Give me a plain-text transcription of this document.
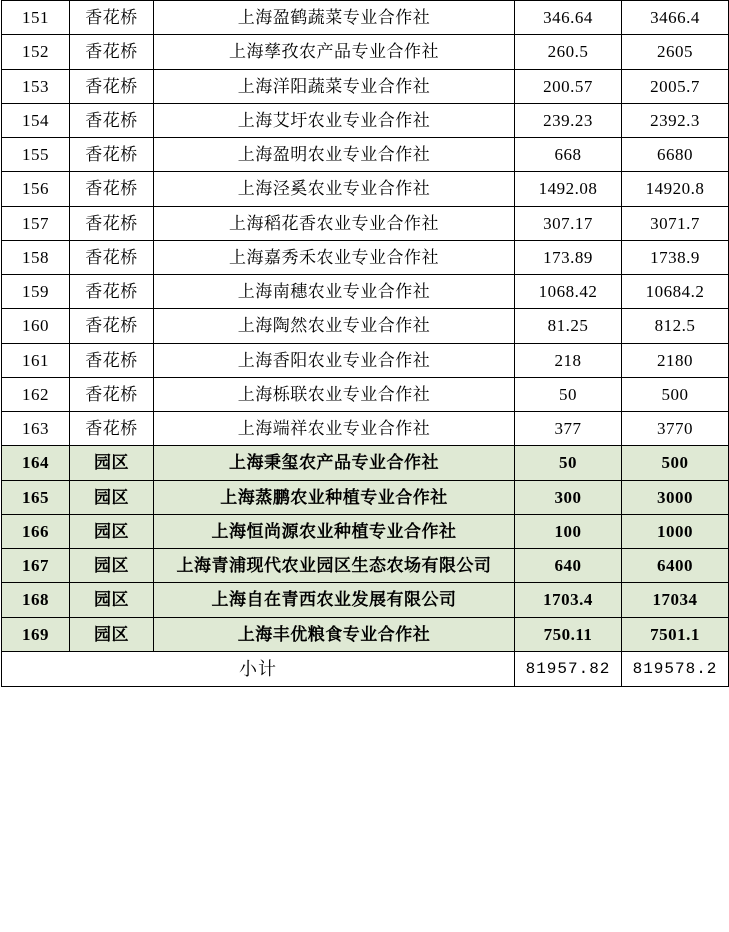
151	香花桥	上海盈鹤蔬菜专业合作社	346.64	3466.4
152	香花桥	上海孳孜农产品专业合作社	260.5	2605
153	香花桥	上海洋阳蔬菜专业合作社	200.57	2005.7
154	香花桥	上海艾圩农业专业合作社	239.23	2392.3
155	香花桥	上海盈明农业专业合作社	668	6680
156	香花桥	上海泾奚农业专业合作社	1492.08	14920.8
157	香花桥	上海稻花香农业专业合作社	307.17	3071.7
158	香花桥	上海嘉秀禾农业专业合作社	173.89	1738.9
159	香花桥	上海南穗农业专业合作社	1068.42	10684.2
160	香花桥	上海陶然农业专业合作社	81.25	812.5
161	香花桥	上海香阳农业专业合作社	218	2180
162	香花桥	上海栎联农业专业合作社	50	500
163	香花桥	上海端祥农业专业合作社	377	3770
164	园区	上海秉玺农产品专业合作社	50	500
165	园区	上海蒸鹏农业种植专业合作社	300	3000
166	园区	上海恒尚源农业种植专业合作社	100	1000
167	园区	上海青浦现代农业园区生态农场有限公司	640	6400
168	园区	上海自在青西农业发展有限公司	1703.4	17034
169	园区	上海丰优粮食专业合作社	750.11	7501.1
小计			81957.82	819578.2
